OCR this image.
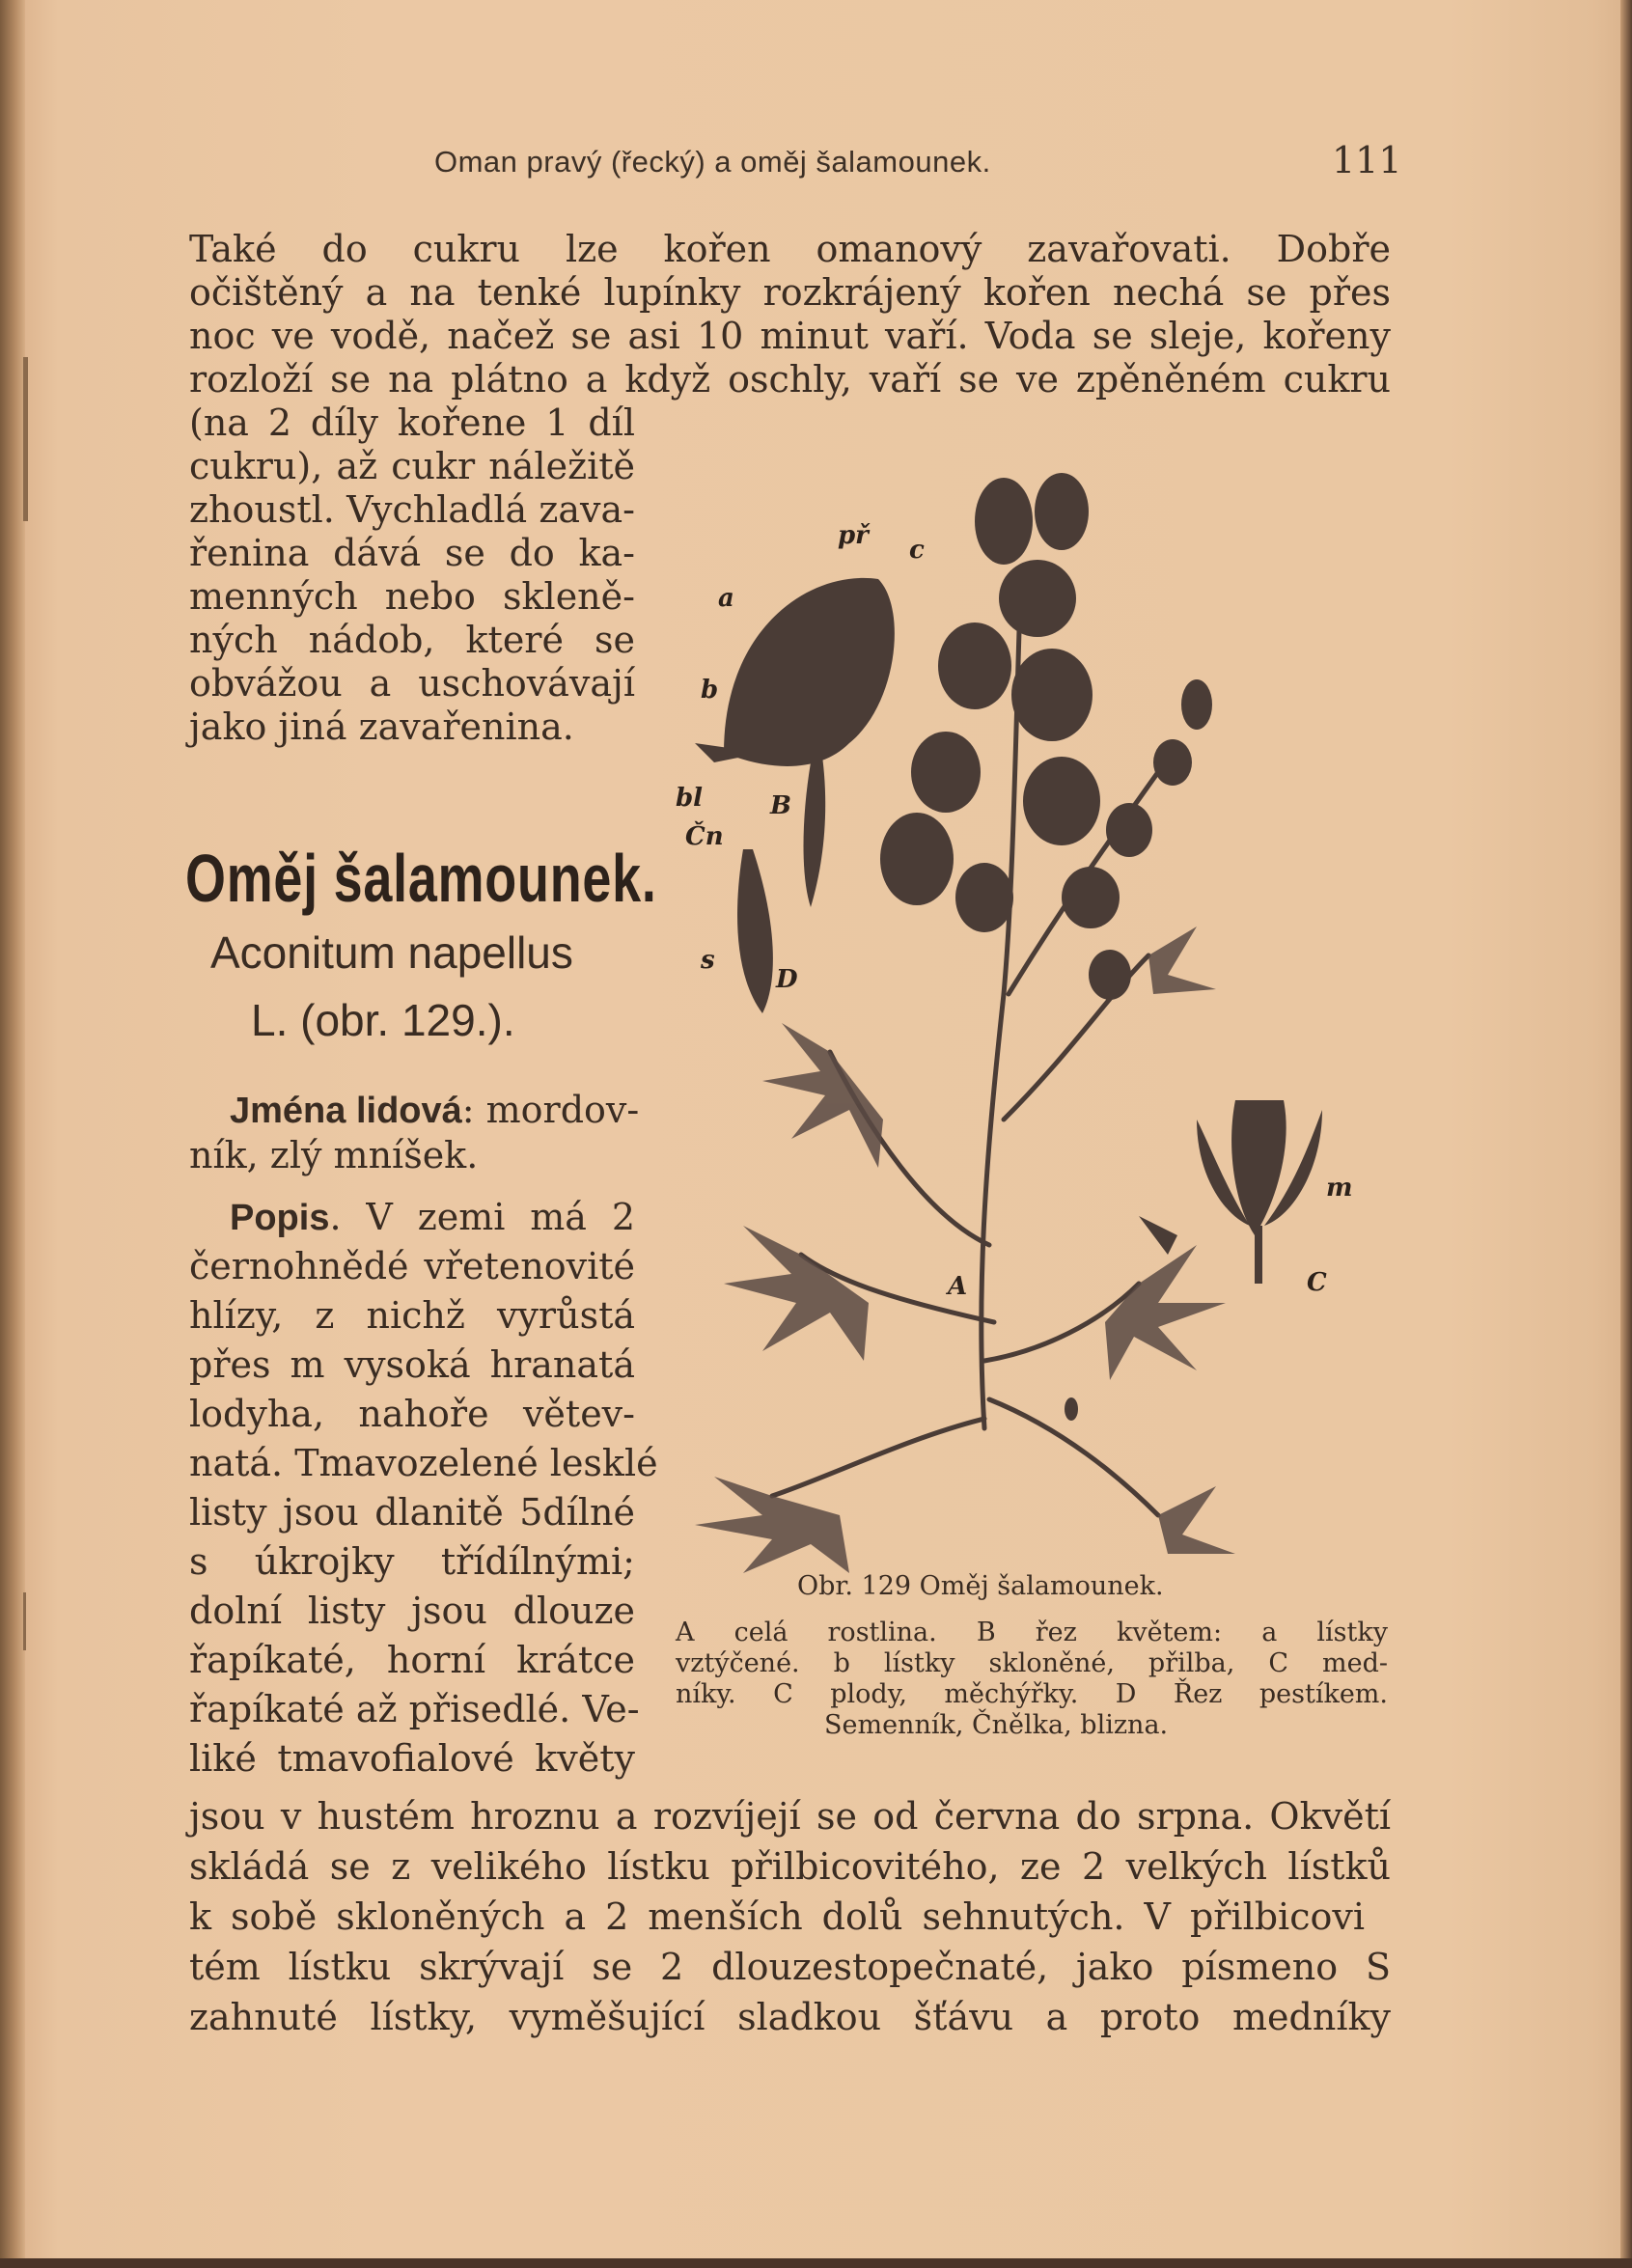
Oman pravý (řecký) a oměj šalamounek.	111
Také do cukru lze kořen omanový zavařovati. Dobře
očištěný a na tenké lupínky rozkrájený kořen nechá se přes
noc ve vodě, načež se asi 10 minut vaří. Voda se sleje, kořeny
rozloží se na plátno a když oschly, vaří se ve zpěněném cukru
(na 2 díly kořene 1 díl
cukru), až cukr náležitě
zhoustl. Vychladlá zava-
řenina dává se do ka-
menných nebo skleně-
ných nádob, které se
obvážou a uschovávají
jako jiná zavařenina.
Oměj šalamounek.
Aconitum napellus
L. (obr. 129.).
Jména lidová: mordov-
ník, zlý mníšek.
Popis. V zemi má 2
černohnědé vřetenovité
hlízy, z nichž vyrůstá
přes m vysoká hranatá
lodyha, nahoře větev-
natá. Tmavozelené lesklé
listy jsou dlanitě 5dílné
s úkrojky třídílnými;
dolní listy jsou dlouze
řapíkaté, horní krátce
řapíkaté až přisedlé. Ve-
liké tmavofialové květy
jsou v hustém hroznu a rozvíjejí se od června do srpna. Okvětí
skládá se z velikého lístku přilbicovitého, ze 2 velkých lístků
k sobě skloněných a 2 menších dolů sehnutých. V přilbicovi
tém lístku skrývají se 2 dlouzestopečnaté, jako písmeno S
zahnuté lístky, vyměšující sladkou šťávu a proto medníky
př c
a
b
bl
Čn
B
s
D
A
m
C
Obr. 129 Oměj šalamounek.
A celá rostlina. B řez květem: a lístky
vztýčené. b lístky skloněné, přilba, C med-
níky. C plody, měchýřky. D Řez pestíkem.
Semenník, Čnělka, blizna.
